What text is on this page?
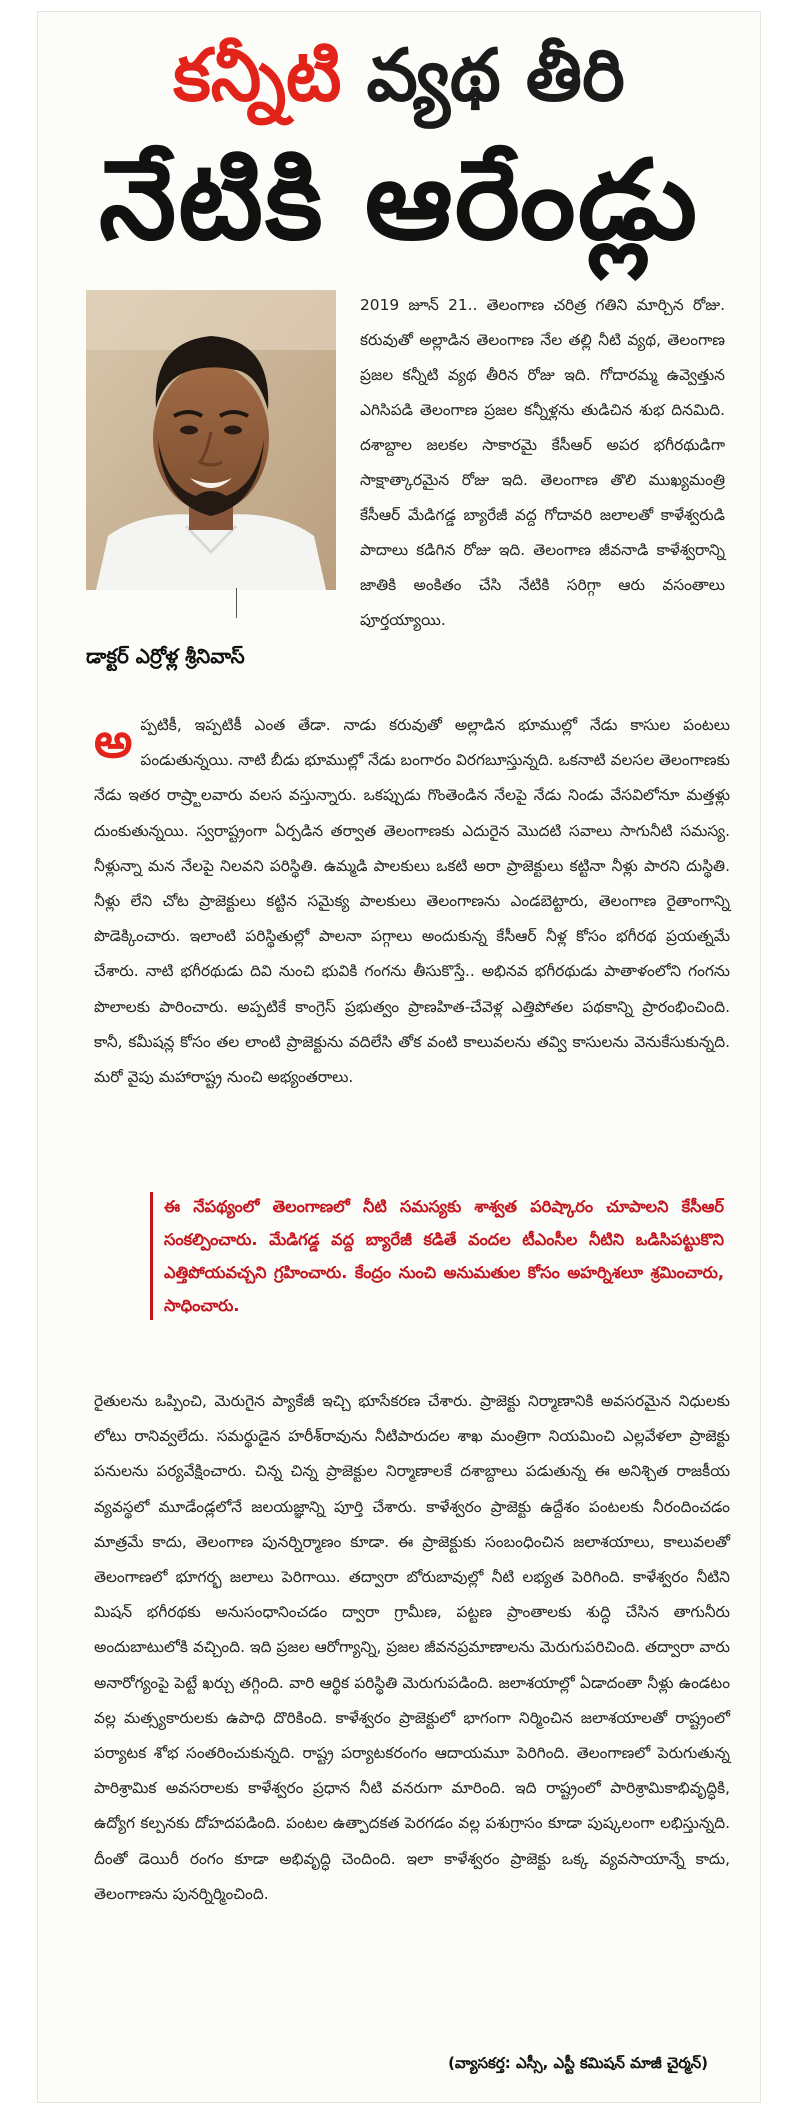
కన్నీటి వ్యథ తీరి
నేటికి ఆరేండ్లు
డాక్టర్ ఎర్రోళ్ల శ్రీనివాస్

2019 జూన్ 21.. తెలంగాణ చరిత్ర గతిని మార్చిన రోజు. కరువుతో అల్లాడిన తెలంగాణ నేల తల్లి నీటి వ్యథ, తెలంగాణ ప్రజల కన్నీటి వ్యథ తీరిన రోజు ఇది. గోదారమ్మ ఉవ్వెత్తున ఎగిసిపడి తెలంగాణ ప్రజల కన్నీళ్లను తుడిచిన శుభ దినమిది. దశాబ్దాల జలకల సాకారమై కేసీఆర్ అపర భగీరథుడిగా సాక్షాత్కారమైన రోజు ఇది. తెలంగాణ తొలి ముఖ్యమంత్రి కేసీఆర్ మేడిగడ్డ బ్యారేజీ వద్ద గోదావరి జలాలతో కాళేశ్వరుడి పాదాలు కడిగిన రోజు ఇది. తెలంగాణ జీవనాడి కాళేశ్వరాన్ని జాతికి అంకితం చేసి నేటికి సరిగ్గా ఆరు వసంతాలు పూర్తయ్యాయి.

అప్పటికీ, ఇప్పటికీ ఎంత తేడా. నాడు కరువుతో అల్లాడిన భూముల్లో నేడు కాసుల పంటలు పండుతున్నయి. నాటి బీడు భూముల్లో నేడు బంగారం విరగబూస్తున్నది. ఒకనాటి వలసల తెలంగాణకు నేడు ఇతర రాష్ర్టాలవారు వలస వస్తున్నారు. ఒకప్పుడు గొంతెండిన నేలపై నేడు నిండు వేసవిలోనూ మత్తళ్లు దుంకుతున్నయి. స్వరాష్ట్రంగా ఏర్పడిన తర్వాత తెలంగాణకు ఎదురైన మొదటి సవాలు సాగునీటి సమస్య. నీళ్లున్నా మన నేలపై నిలవని పరిస్థితి. ఉమ్మడి పాలకులు ఒకటి అరా ప్రాజెక్టులు కట్టినా నీళ్లు పారని దుస్థితి. నీళ్లు లేని చోట ప్రాజెక్టులు కట్టిన సమైక్య పాలకులు తెలంగాణను ఎండబెట్టారు, తెలంగాణ రైతాంగాన్ని పొడెక్కించారు. ఇలాంటి పరిస్థితుల్లో పాలనా పగ్గాలు అందుకున్న కేసీఆర్ నీళ్ల కోసం భగీరథ ప్రయత్నమే చేశారు. నాటి భగీరథుడు దివి నుంచి భువికి గంగను తీసుకొస్తే.. అభినవ భగీరథుడు పాతాళంలోని గంగను పొలాలకు పారించారు. అప్పటికే కాంగ్రెస్ ప్రభుత్వం ప్రాణహిత-చేవెళ్ల ఎత్తిపోతల పథకాన్ని ప్రారంభించింది. కానీ, కమీషన్ల కోసం తల లాంటి ప్రాజెక్టును వదిలేసి తోక వంటి కాలువలను తవ్వి కాసులను వెనుకేసుకున్నది. మరో వైపు మహారాష్ట్ర నుంచి అభ్యంతరాలు.

ఈ నేపథ్యంలో తెలంగాణలో నీటి సమస్యకు శాశ్వత పరిష్కారం చూపాలని కేసీఆర్ సంకల్పించారు. మేడిగడ్డ వద్ద బ్యారేజీ కడితే వందల టీఎంసీల నీటిని ఒడిసిపట్టుకొని ఎత్తిపోయవచ్చని గ్రహించారు. కేంద్రం నుంచి అనుమతుల కోసం అహర్నిశలూ శ్రమించారు, సాధించారు.

రైతులను ఒప్పించి, మెరుగైన ప్యాకేజీ ఇచ్చి భూసేకరణ చేశారు. ప్రాజెక్టు నిర్మాణానికి అవసరమైన నిధులకు లోటు రానివ్వలేదు. సమర్థుడైన హరీశ్‌రావును నీటిపారుదల శాఖ మంత్రిగా నియమించి ఎల్లవేళలా ప్రాజెక్టు పనులను పర్యవేక్షించారు. చిన్న చిన్న ప్రాజెక్టుల నిర్మాణాలకే దశాబ్దాలు పడుతున్న ఈ అనిశ్చిత రాజకీయ వ్యవస్థలో మూడేండ్లలోనే జలయజ్ఞాన్ని పూర్తి చేశారు. కాళేశ్వరం ప్రాజెక్టు ఉద్దేశం పంటలకు నీరందించడం మాత్రమే కాదు, తెలంగాణ పునర్నిర్మాణం కూడా. ఈ ప్రాజెక్టుకు సంబంధించిన జలాశయాలు, కాలువలతో తెలంగాణలో భూగర్భ జలాలు పెరిగాయి. తద్వారా బోరుబావుల్లో నీటి లభ్యత పెరిగింది. కాళేశ్వరం నీటిని మిషన్ భగీరథకు అనుసంధానించడం ద్వారా గ్రామీణ, పట్టణ ప్రాంతాలకు శుద్ధి చేసిన తాగునీరు అందుబాటులోకి వచ్చింది. ఇది ప్రజల ఆరోగ్యాన్ని, ప్రజల జీవనప్రమాణాలను మెరుగుపరిచింది. తద్వారా వారు అనారోగ్యంపై పెట్టే ఖర్చు తగ్గింది. వారి ఆర్థిక పరిస్థితి మెరుగుపడింది. జలాశయాల్లో ఏడాదంతా నీళ్లు ఉండటం వల్ల మత్స్యకారులకు ఉపాధి దొరికింది. కాళేశ్వరం ప్రాజెక్టులో భాగంగా నిర్మించిన జలాశయాలతో రాష్ట్రంలో పర్యాటక శోభ సంతరించుకున్నది. రాష్ట్ర పర్యాటకరంగం ఆదాయమూ పెరిగింది. తెలంగాణలో పెరుగుతున్న పారిశ్రామిక అవసరాలకు కాళేశ్వరం ప్రధాన నీటి వనరుగా మారింది. ఇది రాష్ట్రంలో పారిశ్రామికాభివృద్ధికి, ఉద్యోగ కల్పనకు దోహదపడింది. పంటల ఉత్పాదకత పెరగడం వల్ల పశుగ్రాసం కూడా పుష్కలంగా లభిస్తున్నది. దీంతో డెయిరీ రంగం కూడా అభివృద్ధి చెందింది. ఇలా కాళేశ్వరం ప్రాజెక్టు ఒక్క వ్యవసాయాన్నే కాదు, తెలంగాణను పునర్నిర్మించింది.

(వ్యాసకర్త: ఎస్సీ, ఎస్టీ కమిషన్ మాజీ చైర్మన్)
